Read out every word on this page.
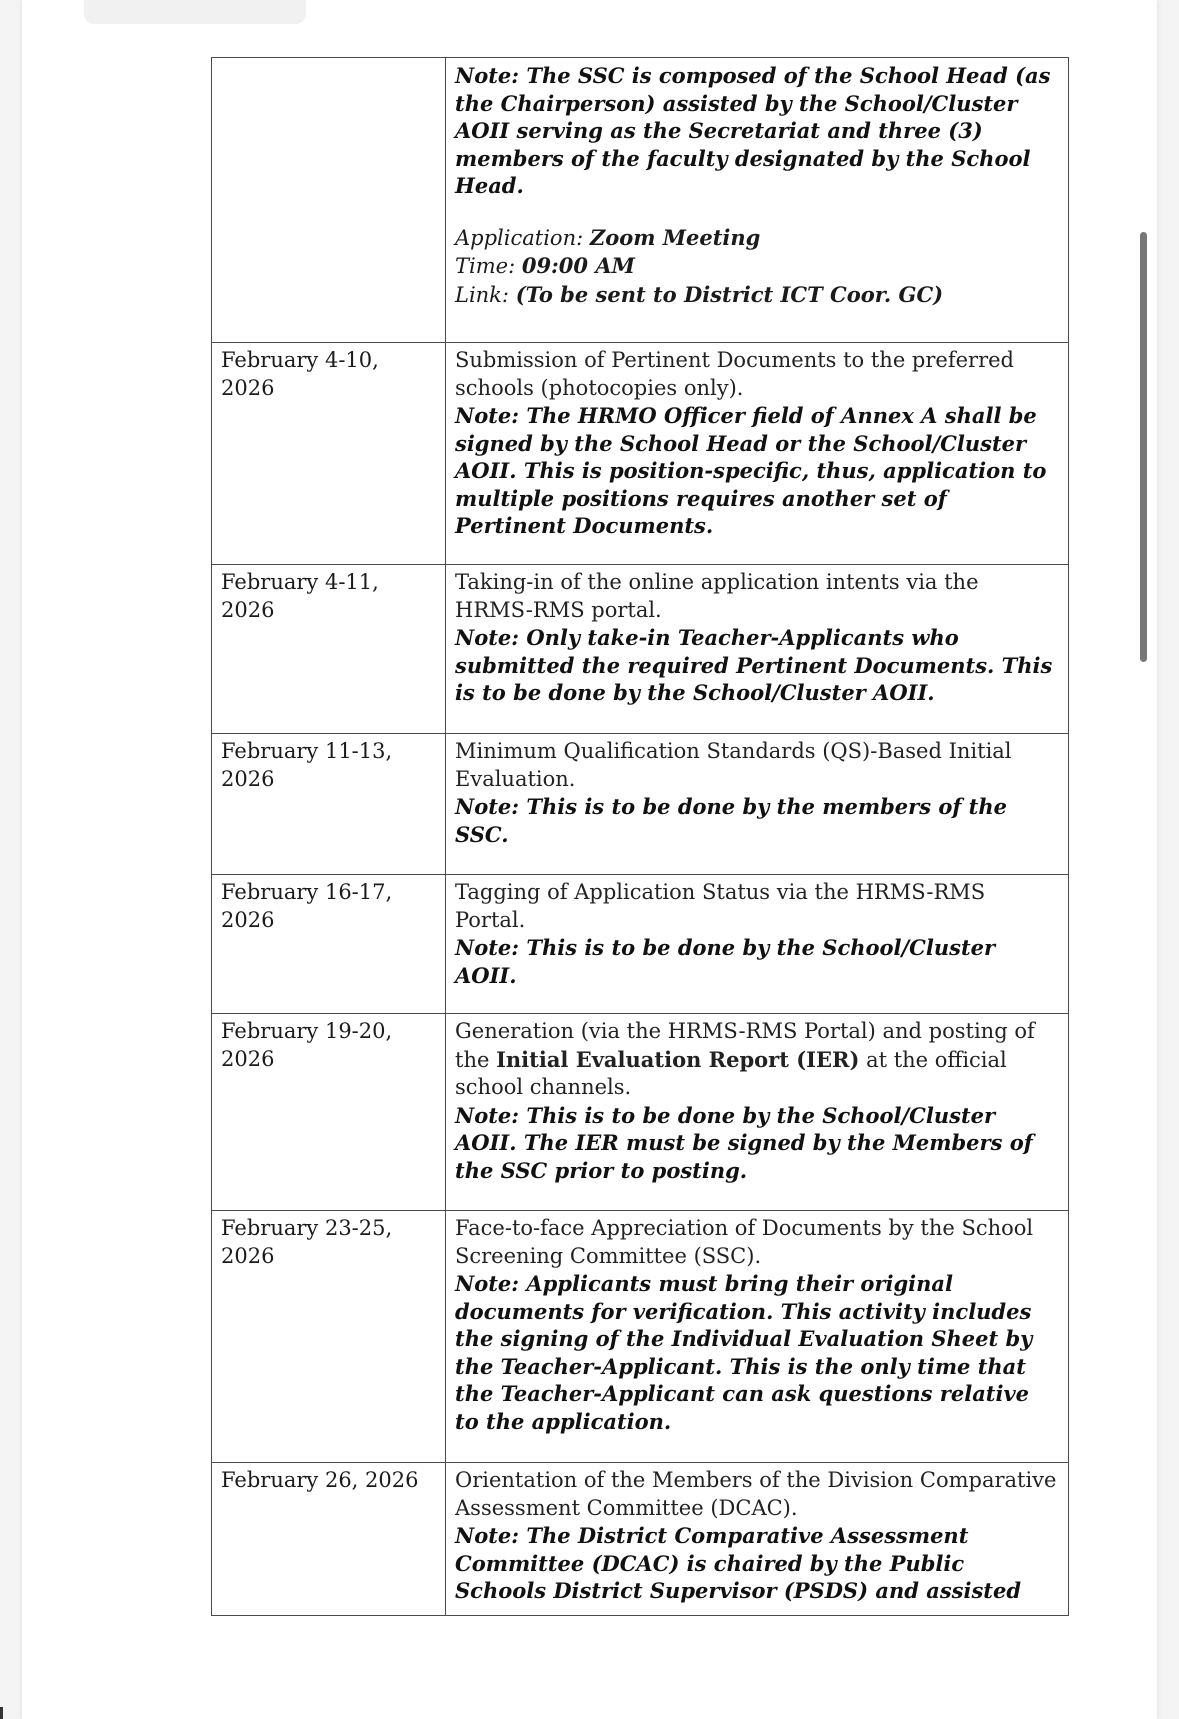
	Note: The SSC is composed of the School Head (as the Chairperson) assisted by the School/Cluster AOII serving as the Secretariat and three (3) members of the faculty designated by the School Head.
Application: Zoom Meeting
Time: 09:00 AM
Link: (To be sent to District ICT Coor. GC)

February 4-10, 2026	Submission of Pertinent Documents to the preferred schools (photocopies only).
Note: The HRMO Officer field of Annex A shall be signed by the School Head or the School/Cluster AOII. This is position-specific, thus, application to multiple positions requires another set of Pertinent Documents.

February 4-11, 2026	Taking-in of the online application intents via the HRMS-RMS portal.
Note: Only take-in Teacher-Applicants who submitted the required Pertinent Documents. This is to be done by the School/Cluster AOII.

February 11-13, 2026	Minimum Qualification Standards (QS)-Based Initial Evaluation.
Note: This is to be done by the members of the SSC.

February 16-17, 2026	Tagging of Application Status via the HRMS-RMS Portal.
Note: This is to be done by the School/Cluster AOII.

February 19-20, 2026	Generation (via the HRMS-RMS Portal) and posting of the Initial Evaluation Report (IER) at the official school channels.
Note: This is to be done by the School/Cluster AOII. The IER must be signed by the Members of the SSC prior to posting.

February 23-25, 2026	Face-to-face Appreciation of Documents by the School Screening Committee (SSC).
Note: Applicants must bring their original documents for verification. This activity includes the signing of the Individual Evaluation Sheet by the Teacher-Applicant. This is the only time that the Teacher-Applicant can ask questions relative to the application.

February 26, 2026	Orientation of the Members of the Division Comparative Assessment Committee (DCAC).
Note: The District Comparative Assessment Committee (DCAC) is chaired by the Public Schools District Supervisor (PSDS) and assisted
